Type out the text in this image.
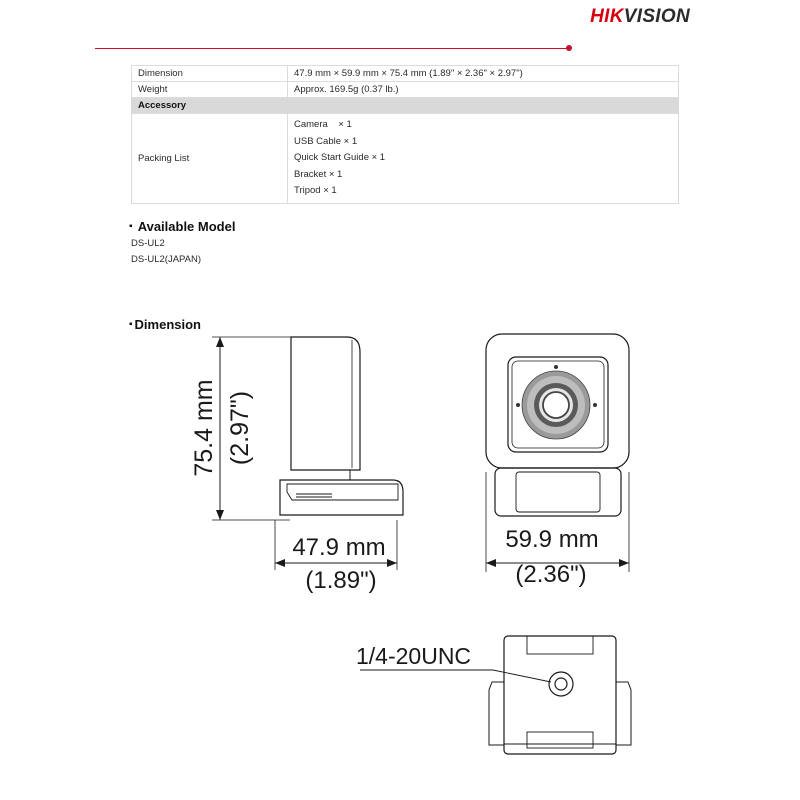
HIKVISION
Dimension	47.9 mm × 59.9 mm × 75.4 mm (1.89" × 2.36" × 2.97")
Weight	Approx. 169.5g (0.37 lb.)
Accessory	
Packing List	Camera    × 1
USB Cable × 1
Quick Start Guide × 1
Bracket × 1
Tripod × 1
▪ Available Model
DS-UL2
DS-UL2(JAPAN)
▪ Dimension
75.4 mm (2.97")
47.9 mm
(1.89")
59.9 mm
(2.36")
1/4-20UNC
